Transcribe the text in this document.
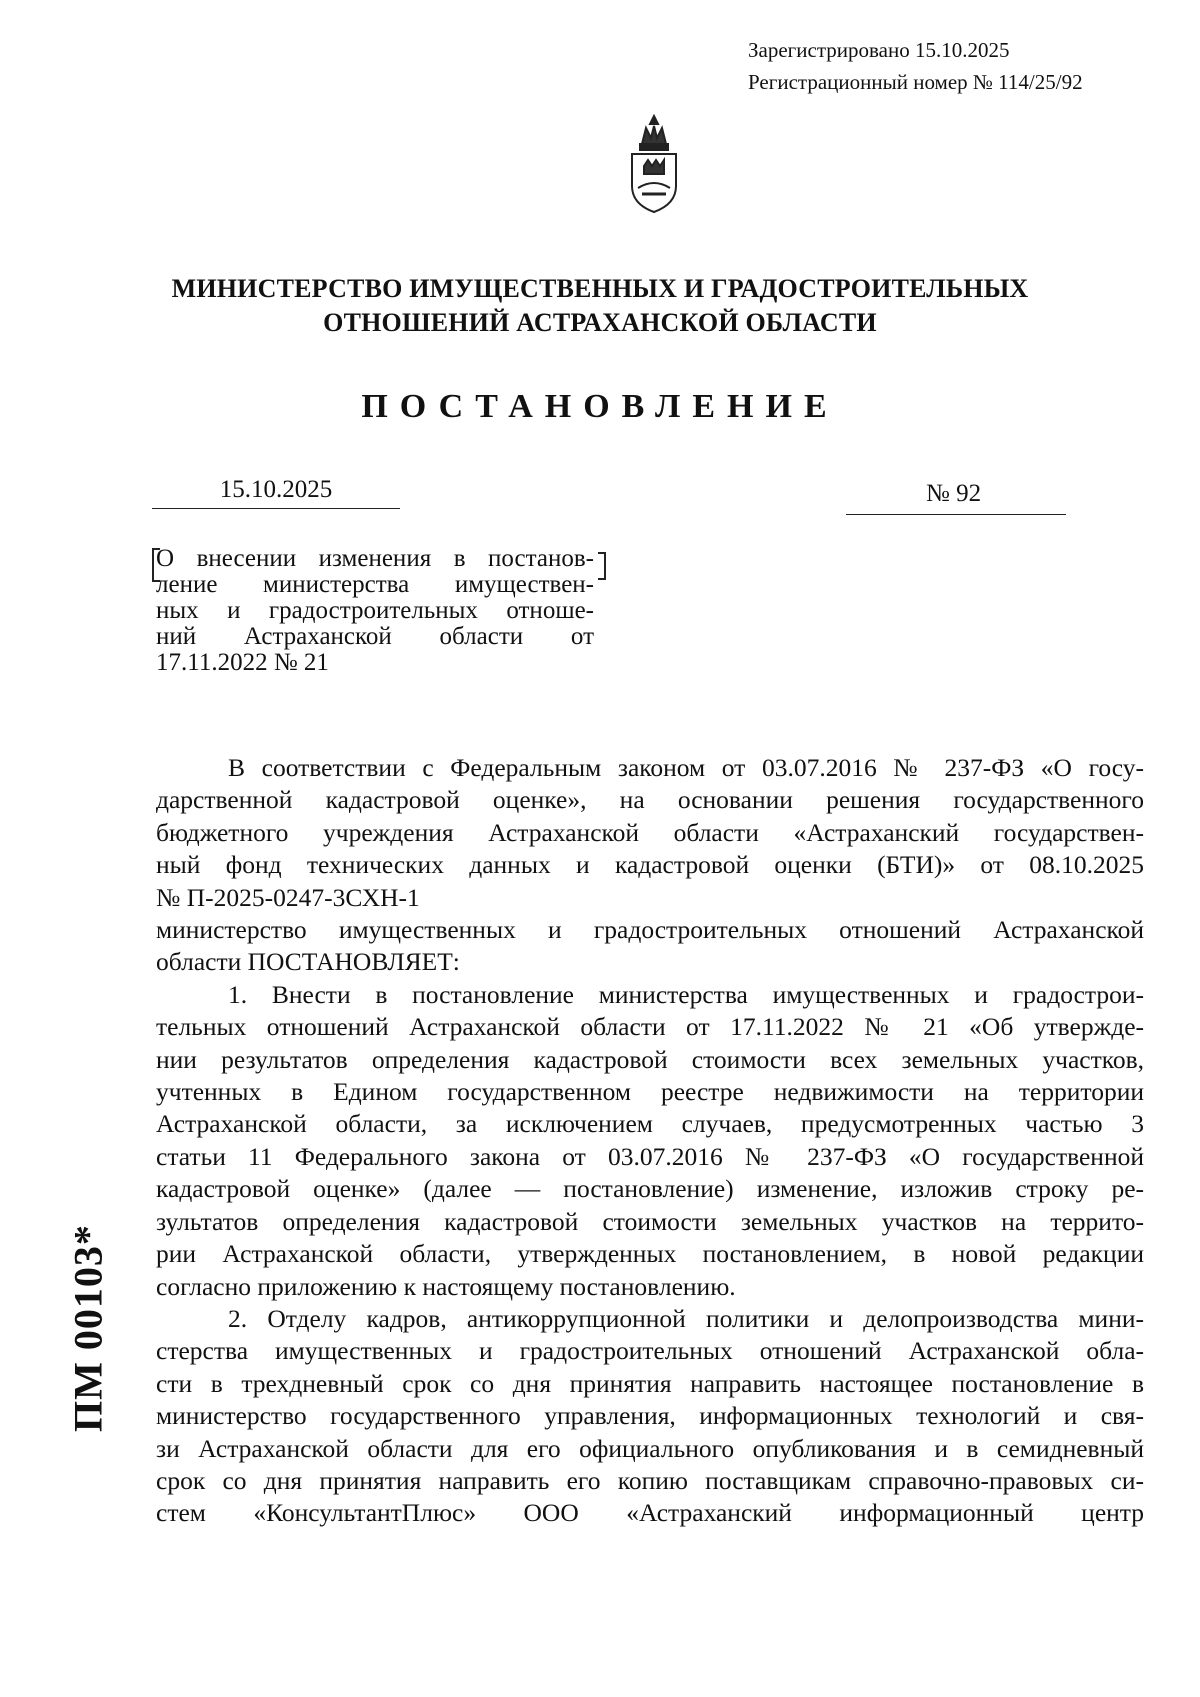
Зарегистрировано 15.10.2025
Регистрационный номер № 114/25/92
МИНИСТЕРСТВО ИМУЩЕСТВЕННЫХ И ГРАДОСТРОИТЕЛЬНЫХ
ОТНОШЕНИЙ АСТРАХАНСКОЙ ОБЛАСТИ
ПОСТАНОВЛЕНИЕ
15.10.2025	№ 92

О внесении изменения в постанов-

ление министерства имуществен-

ных и градостроительных отноше-

ний Астраханской области от

17.11.2022 № 21

В соответствии с Федеральным законом от 03.07.2016 № 237-ФЗ «О госу-
дарственной кадастровой оценке», на основании решения государственного
бюджетного учреждения Астраханской области «Астраханский государствен-
ный фонд технических данных и кадастровой оценки (БТИ)» от 08.10.2025
№ П-2025-0247-3СХН-1
министерство имущественных и градостроительных отношений Астраханской
области ПОСТАНОВЛЯЕТ:
1. Внести в постановление министерства имущественных и градострои-
тельных отношений Астраханской области от 17.11.2022 № 21 «Об утвержде-
нии результатов определения кадастровой стоимости всех земельных участков,
учтенных в Едином государственном реестре недвижимости на территории
Астраханской области, за исключением случаев, предусмотренных частью 3
статьи 11 Федерального закона от 03.07.2016 № 237-ФЗ «О государственной
кадастровой оценке» (далее — постановление) изменение, изложив строку ре-
зультатов определения кадастровой стоимости земельных участков на террито-
рии Астраханской области, утвержденных постановлением, в новой редакции
согласно приложению к настоящему постановлению.
2. Отделу кадров, антикоррупционной политики и делопроизводства мини-
стерства имущественных и градостроительных отношений Астраханской обла-
сти в трехдневный срок со дня принятия направить настоящее постановление в
министерство государственного управления, информационных технологий и свя-
зи Астраханской области для его официального опубликования и в семидневный
срок со дня принятия направить его копию поставщикам справочно-правовых си-
стем «КонсультантПлюс» ООО «Астраханский информационный центр
ПМ 00103*
